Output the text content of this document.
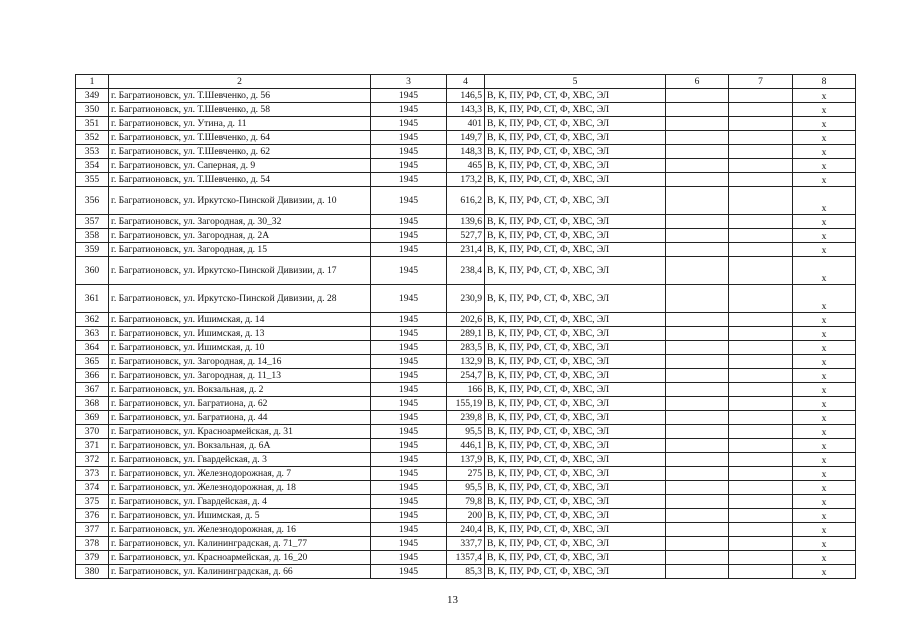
1	2	3	4	5	6	7	8
349	г. Багратионовск, ул. Т.Шевченко, д. 56	1945	146,5	В, К, ПУ, РФ, СТ, Ф, ХВС, ЭЛ			х
350	г. Багратионовск, ул. Т.Шевченко, д. 58	1945	143,3	В, К, ПУ, РФ, СТ, Ф, ХВС, ЭЛ			х
351	г. Багратионовск, ул. Утина, д. 11	1945	401	В, К, ПУ, РФ, СТ, Ф, ХВС, ЭЛ			х
352	г. Багратионовск, ул. Т.Шевченко, д. 64	1945	149,7	В, К, ПУ, РФ, СТ, Ф, ХВС, ЭЛ			х
353	г. Багратионовск, ул. Т.Шевченко, д. 62	1945	148,3	В, К, ПУ, РФ, СТ, Ф, ХВС, ЭЛ			х
354	г. Багратионовск, ул. Саперная, д. 9	1945	465	В, К, ПУ, РФ, СТ, Ф, ХВС, ЭЛ			х
355	г. Багратионовск, ул. Т.Шевченко, д. 54	1945	173,2	В, К, ПУ, РФ, СТ, Ф, ХВС, ЭЛ			х
356	г. Багратионовск, ул. Иркутско-Пинской Дивизии, д. 10	1945	616,2	В, К, ПУ, РФ, СТ, Ф, ХВС, ЭЛ			х
357	г. Багратионовск, ул. Загородная, д. 30_32	1945	139,6	В, К, ПУ, РФ, СТ, Ф, ХВС, ЭЛ			х
358	г. Багратионовск, ул. Загородная, д. 2А	1945	527,7	В, К, ПУ, РФ, СТ, Ф, ХВС, ЭЛ			х
359	г. Багратионовск, ул. Загородная, д. 15	1945	231,4	В, К, ПУ, РФ, СТ, Ф, ХВС, ЭЛ			х
360	г. Багратионовск, ул. Иркутско-Пинской Дивизии, д. 17	1945	238,4	В, К, ПУ, РФ, СТ, Ф, ХВС, ЭЛ			х
361	г. Багратионовск, ул. Иркутско-Пинской Дивизии, д. 28	1945	230,9	В, К, ПУ, РФ, СТ, Ф, ХВС, ЭЛ			х
362	г. Багратионовск, ул. Ишимская, д. 14	1945	202,6	В, К, ПУ, РФ, СТ, Ф, ХВС, ЭЛ			х
363	г. Багратионовск, ул. Ишимская, д. 13	1945	289,1	В, К, ПУ, РФ, СТ, Ф, ХВС, ЭЛ			х
364	г. Багратионовск, ул. Ишимская, д. 10	1945	283,5	В, К, ПУ, РФ, СТ, Ф, ХВС, ЭЛ			х
365	г. Багратионовск, ул. Загородная, д. 14_16	1945	132,9	В, К, ПУ, РФ, СТ, Ф, ХВС, ЭЛ			х
366	г. Багратионовск, ул. Загородная, д. 11_13	1945	254,7	В, К, ПУ, РФ, СТ, Ф, ХВС, ЭЛ			х
367	г. Багратионовск, ул. Вокзальная, д. 2	1945	166	В, К, ПУ, РФ, СТ, Ф, ХВС, ЭЛ			х
368	г. Багратионовск, ул. Багратиона, д. 62	1945	155,19	В, К, ПУ, РФ, СТ, Ф, ХВС, ЭЛ			х
369	г. Багратионовск, ул. Багратиона, д. 44	1945	239,8	В, К, ПУ, РФ, СТ, Ф, ХВС, ЭЛ			х
370	г. Багратионовск, ул. Красноармейская, д. 31	1945	95,5	В, К, ПУ, РФ, СТ, Ф, ХВС, ЭЛ			х
371	г. Багратионовск, ул. Вокзальная, д. 6А	1945	446,1	В, К, ПУ, РФ, СТ, Ф, ХВС, ЭЛ			х
372	г. Багратионовск, ул. Гвардейская, д. 3	1945	137,9	В, К, ПУ, РФ, СТ, Ф, ХВС, ЭЛ			х
373	г. Багратионовск, ул. Железнодорожная, д. 7	1945	275	В, К, ПУ, РФ, СТ, Ф, ХВС, ЭЛ			х
374	г. Багратионовск, ул. Железнодорожная, д. 18	1945	95,5	В, К, ПУ, РФ, СТ, Ф, ХВС, ЭЛ			х
375	г. Багратионовск, ул. Гвардейская, д. 4	1945	79,8	В, К, ПУ, РФ, СТ, Ф, ХВС, ЭЛ			х
376	г. Багратионовск, ул. Ишимская, д. 5	1945	200	В, К, ПУ, РФ, СТ, Ф, ХВС, ЭЛ			х
377	г. Багратионовск, ул. Железнодорожная, д. 16	1945	240,4	В, К, ПУ, РФ, СТ, Ф, ХВС, ЭЛ			х
378	г. Багратионовск, ул. Калининградская, д. 71_77	1945	337,7	В, К, ПУ, РФ, СТ, Ф, ХВС, ЭЛ			х
379	г. Багратионовск, ул. Красноармейская, д. 16_20	1945	1357,4	В, К, ПУ, РФ, СТ, Ф, ХВС, ЭЛ			х
380	г. Багратионовск, ул. Калининградская, д. 66	1945	85,3	В, К, ПУ, РФ, СТ, Ф, ХВС, ЭЛ			х
13
